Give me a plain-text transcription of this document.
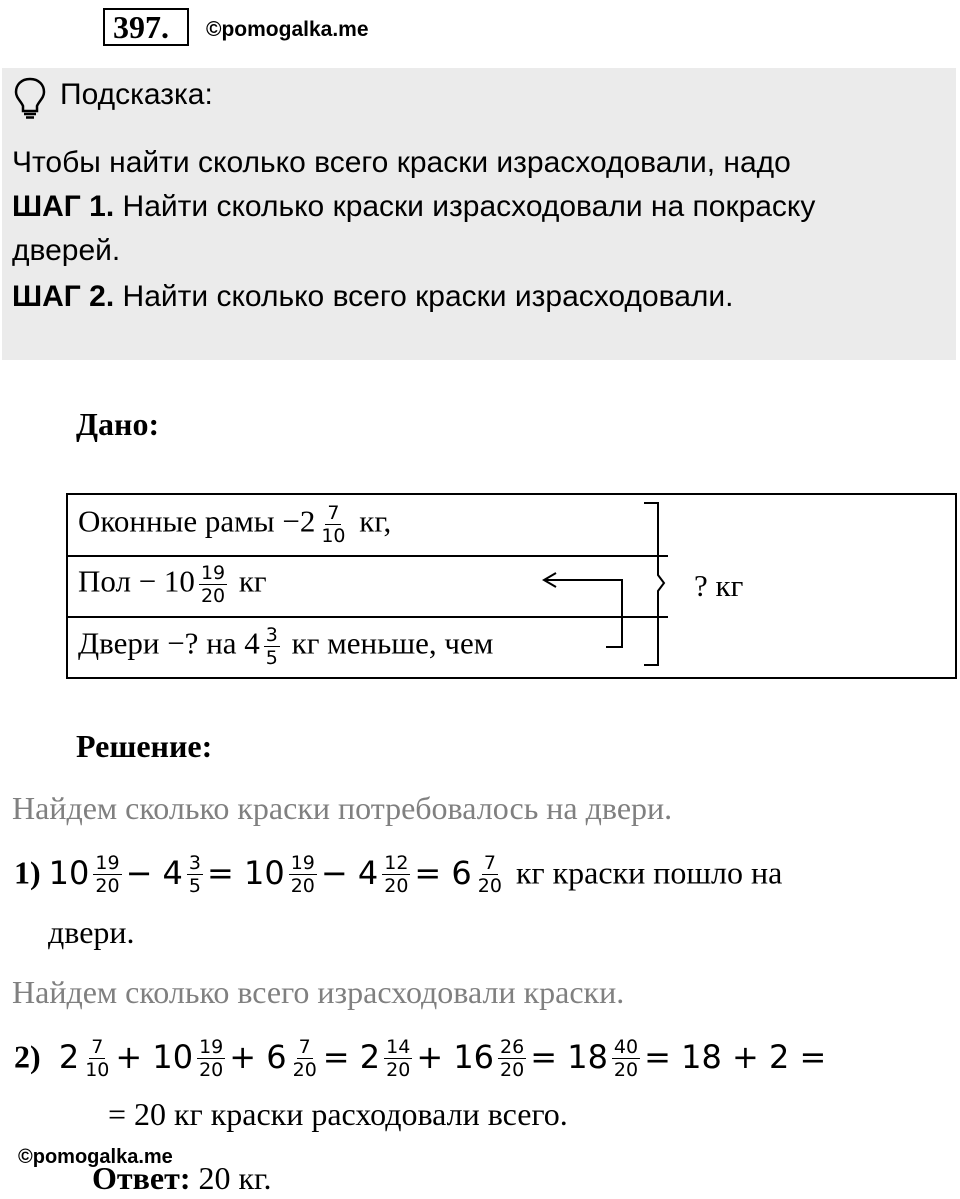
397.	©pomogalka.me
Подсказка:
Чтобы найти сколько всего краски израсходовали, надо
ШАГ 1. Найти сколько краски израсходовали на покраску
дверей.
ШАГ 2. Найти сколько всего краски израсходовали.
Дано:
Оконные рамы $-2 \frac{7}{10}$ кг,
Пол − $10 \frac{19}{20}$ кг
Двери −? на $4 \frac{3}{5}$ кг меньше, чем
? кг
Решение:
Найдем сколько краски потребовалось на двери.
1) $10 \frac{19}{20} - 4 \frac{3}{5} = 10 \frac{19}{20} - 4 \frac{12}{20} = 6 \frac{7}{20}$ кг краски пошло на
двери.
Найдем сколько всего израсходовали краски.
2)  $2 \frac{7}{10} + 10 \frac{19}{20} + 6 \frac{7}{20} = 2 \frac{14}{20} + 16 \frac{26}{20} = 18 \frac{40}{20} = 18 + 2$ =
= 20 кг краски расходовали всего.
©pomogalka.me
Ответ: 20 кг.
